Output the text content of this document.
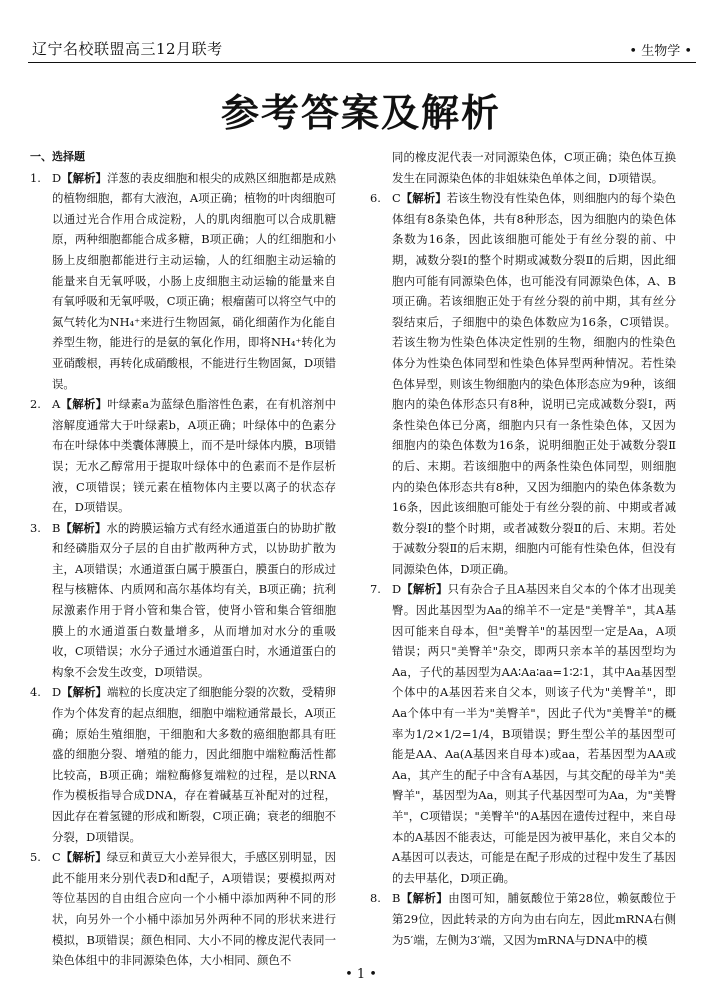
辽宁名校联盟高三12月联考	• 生物学 •
参考答案及解析
一、选择题

1. D【解析】洋葱的表皮细胞和根尖的成熟区细胞都是成熟的植物细胞，都有大液泡，A项正确；植物的叶肉细胞可以通过光合作用合成淀粉，人的肌肉细胞可以合成肌糖原，两种细胞都能合成多糖，B项正确；人的红细胞和小肠上皮细胞都能进行主动运输，人的红细胞主动运输的能量来自无氧呼吸，小肠上皮细胞主动运输的能量来自有氧呼吸和无氧呼吸，C项正确；根瘤菌可以将空气中的氮气转化为NH₄⁺来进行生物固氮，硝化细菌作为化能自养型生物，能进行的是氨的氧化作用，即将NH₄⁺转化为亚硝酸根，再转化成硝酸根，不能进行生物固氮，D项错误。

2. A【解析】叶绿素a为蓝绿色脂溶性色素，在有机溶剂中溶解度通常大于叶绿素b，A项正确；叶绿体中的色素分布在叶绿体中类囊体薄膜上，而不是叶绿体内膜，B项错误；无水乙醇常用于提取叶绿体中的色素而不是作层析液，C项错误；镁元素在植物体内主要以离子的状态存在，D项错误。

3. B【解析】水的跨膜运输方式有经水通道蛋白的协助扩散和经磷脂双分子层的自由扩散两种方式，以协助扩散为主，A项错误；水通道蛋白属于膜蛋白，膜蛋白的形成过程与核糖体、内质网和高尔基体均有关，B项正确；抗利尿激素作用于肾小管和集合管，使肾小管和集合管细胞膜上的水通道蛋白数量增多，从而增加对水分的重吸收，C项错误；水分子通过水通道蛋白时，水通道蛋白的构象不会发生改变，D项错误。

4. D【解析】端粒的长度决定了细胞能分裂的次数，受精卵作为个体发育的起点细胞，细胞中端粒通常最长，A项正确；原始生殖细胞，干细胞和大多数的癌细胞都具有旺盛的细胞分裂、增殖的能力，因此细胞中端粒酶活性都比较高，B项正确；端粒酶修复端粒的过程，是以RNA作为模板指导合成DNA，存在着碱基互补配对的过程，因此存在着氢键的形成和断裂，C项正确；衰老的细胞不分裂，D项错误。

5. C【解析】绿豆和黄豆大小差异很大，手感区别明显，因此不能用来分别代表D和d配子，A项错误；要模拟两对等位基因的自由组合应向一个小桶中添加两种不同的形状，向另外一个小桶中添加另外两种不同的形状来进行模拟，B项错误；颜色相同、大小不同的橡皮泥代表同一染色体组中的非同源染色体，大小相同、颜色不

同的橡皮泥代表一对同源染色体，C项正确；染色体互换发生在同源染色体的非姐妹染色单体之间，D项错误。

6. C【解析】若该生物没有性染色体，则细胞内的每个染色体组有8条染色体，共有8种形态，因为细胞内的染色体条数为16条，因此该细胞可能处于有丝分裂的前、中期，减数分裂Ⅰ的整个时期或减数分裂Ⅱ的后期，因此细胞内可能有同源染色体，也可能没有同源染色体，A、B项正确。若该细胞正处于有丝分裂的前中期，其有丝分裂结束后，子细胞中的染色体数应为16条，C项错误。若该生物为性染色体决定性别的生物，细胞内的性染色体分为性染色体同型和性染色体异型两种情况。若性染色体异型，则该生物细胞内的染色体形态应为9种，该细胞内的染色体形态只有8种，说明已完成减数分裂Ⅰ，两条性染色体已分离，细胞内只有一条性染色体，又因为细胞内的染色体数为16条，说明细胞正处于减数分裂Ⅱ的后、末期。若该细胞中的两条性染色体同型，则细胞内的染色体形态共有8种，又因为细胞内的染色体条数为16条，因此该细胞可能处于有丝分裂的前、中期或者减数分裂Ⅰ的整个时期，或者减数分裂Ⅱ的后、末期。若处于减数分裂Ⅱ的后末期，细胞内可能有性染色体，但没有同源染色体，D项正确。

7. D【解析】只有杂合子且A基因来自父本的个体才出现美臀。因此基因型为Aa的绵羊不一定是"美臀羊"，其A基因可能来自母本，但"美臀羊"的基因型一定是Aa，A项错误；两只"美臀羊"杂交，即两只亲本羊的基因型均为Aa，子代的基因型为AA∶Aa∶aa=1∶2∶1，其中Aa基因型个体中的A基因若来自父本，则该子代为"美臀羊"，即Aa个体中有一半为"美臀羊"，因此子代为"美臀羊"的概率为1/2×1/2=1/4，B项错误；野生型公羊的基因型可能是AA、Aa(A基因来自母本)或aa，若基因型为AA或Aa，其产生的配子中含有A基因，与其交配的母羊为"美臀羊"，基因型为Aa，则其子代基因型可为Aa，为"美臀羊"，C项错误；"美臀羊"的A基因在遗传过程中，来自母本的A基因不能表达，可能是因为被甲基化，来自父本的A基因可以表达，可能是在配子形成的过程中发生了基因的去甲基化，D项正确。

8. B【解析】由图可知，脯氨酸位于第28位，赖氨酸位于第29位，因此转录的方向为由右向左，因此mRNA右侧为5′端，左侧为3′端，又因为mRNA与DNA中的模

• 1 •
